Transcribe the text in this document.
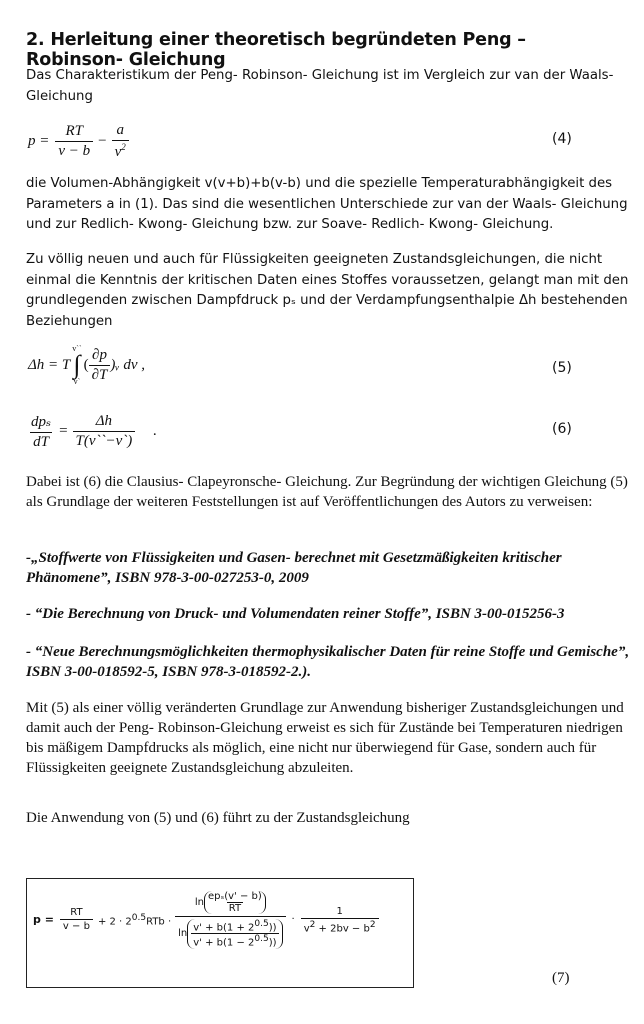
2. Herleitung einer theoretisch begründeten Peng – Robinson- Gleichung
Das Charakteristikum der Peng- Robinson- Gleichung ist im Vergleich zur van der Waals- Gleichung
$p = \frac{RT}{v - b} - \frac{a}{v^2}$	(4)
die Volumen-Abhängigkeit v(v+b)+b(v-b) und die spezielle Temperaturabhängigkeit des Parameters a in (1). Das sind die wesentlichen Unterschiede zur van der Waals- Gleichung und zur Redlich- Kwong- Gleichung bzw. zur Soave- Redlich- Kwong- Gleichung.
Zu völlig neuen und auch für Flüssigkeiten geeigneten Zustandsgleichungen, die nicht einmal die Kenntnis der kritischen Daten eines Stoffes voraussetzen, gelangt man mit den grundlegenden zwischen Dampfdruck pₛ und der Verdampfungsenthalpie Δh bestehenden Beziehungen
Δh = T
v``
∫
v`
( $\frac{\partial p}{\partial T}$ )ᵥ dv ,	(5)
$\frac{\text{dpₛ}}{dT} = \frac{\Delta h}{T(v``-v`)}$ .	(6)
Dabei ist (6) die Clausius- Clapeyronsche- Gleichung. Zur Begründung der wichtigen Gleichung (5) als Grundlage der weiteren Feststellungen ist auf Veröffentlichungen des Autors zu verweisen:
-„Stoffwerte von Flüssigkeiten und Gasen- berechnet mit Gesetzmäßigkeiten kritischer Phänomene”, ISBN 978-3-00-027253-0, 2009
- “Die Berechnung von Druck- und Volumendaten reiner Stoffe”, ISBN 3-00-015256-3
- “Neue Berechnungsmöglichkeiten thermophysikalischer Daten für reine Stoffe und Gemische”, ISBN 3-00-018592-5, ISBN 978-3-018592-2.).
Mit (5) als einer völlig veränderten Grundlage zur Anwendung bisheriger Zustandsgleichungen und damit auch der Peng- Robinson-Gleichung erweist es sich für Zustände bei Temperaturen niedrigen bis mäßigem Dampfdrucks als möglich, eine nicht nur überwiegend für Gase, sondern auch für Flüssigkeiten geeignete Zustandsgleichung abzuleiten.
Die Anwendung von (5) und (6) führt zu der Zustandsgleichung
$p = \frac{RT}{v - b} + 2 \cdot 2^{0.5}RTb$ ·
ln
epₛ(v' − b)
RT
ln
$v' + b(1 + 2^{0.5})$)
$v' + b(1 - 2^{0.5})$)
· $\frac{1}{v^2 + 2bv - b^2}$
(7)
